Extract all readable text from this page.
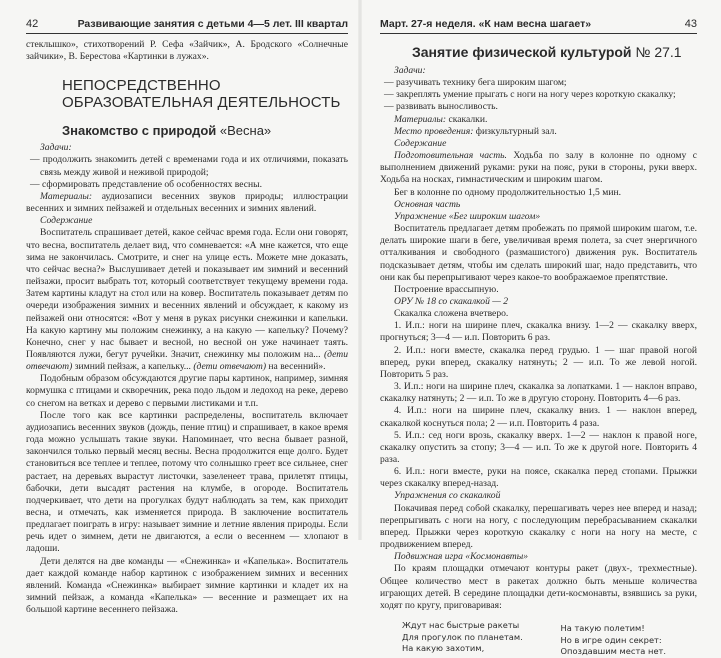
42	Развивающие занятия с детьми 4—5 лет. III квартал

стеклышко», стихотворений Р. Сефа «Зайчик», А. Бродского «Солнечные зайчики», В. Берестова «Картинки в лужах».

НЕПОСРЕДСТВЕННО ОБРАЗОВАТЕЛЬНАЯ ДЕЯТЕЛЬНОСТЬ
Знакомство с природой «Весна»

Задачи:

— продолжить знакомить детей с временами года и их отличиями, показать связь между живой и неживой природой;

— сформировать представление об особенностях весны.

Материалы: аудиозаписи весенних звуков природы; иллюстрации весенних и зимних пейзажей и отдельных весенних и зимних явлений.

Содержание

Воспитатель спрашивает детей, какое сейчас время года. Если они говорят, что весна, воспитатель делает вид, что сомневается: «А мне кажется, что еще зима не закончилась. Смотрите, и снег на улице есть. Можете мне доказать, что сейчас весна?» Выслушивает детей и показывает им зимний и весенний пейзажи, просит выбрать тот, который соответствует текущему времени года. Затем картины кладут на стол или на ковер. Воспитатель показывает детям по очереди изображения зимних и весенних явлений и обсуждает, к какому из пейзажей они относятся: «Вот у меня в руках рисунки снежинки и капельки. На какую картину мы положим снежинку, а на какую — капельку? Почему? Конечно, снег у нас бывает и весной, но весной он уже начинает таять. Появляются лужи, бегут ручейки. Значит, снежинку мы положим на... (дети отвечают) зимний пейзаж, а капельку... (дети отвечают) на весенний».

Подобным образом обсуждаются другие пары картинок, например, зимняя кормушка с птицами и скворечник, река подо льдом и ледоход на реке, дерево со снегом на ветках и дерево с первыми листиками и т.п.

После того как все картинки распределены, воспитатель включает аудиозапись весенних звуков (дождь, пение птиц) и спрашивает, в какое время года можно услышать такие звуки. Напоминает, что весна бывает разной, закончился только первый месяц весны. Весна продолжится еще долго. Будет становиться все теплее и теплее, потому что солнышко греет все сильнее, снег растает, на деревьях вырастут листочки, зазеленеет трава, прилетят птицы, бабочки, дети высадят растения на клумбе, в огороде. Воспитатель подчеркивает, что дети на прогулках будут наблюдать за тем, как приходит весна, и отмечать, как изменяется природа. В заключение воспитатель предлагает поиграть в игру: называет зимние и летние явления природы. Если речь идет о зимнем, дети не двигаются, а если о весеннем — хлопают в ладоши.

Дети делятся на две команды — «Снежинка» и «Капелька». Воспитатель дает каждой команде набор картинок с изображением зимних и весенних явлений. Команда «Снежинка» выбирает зимние картинки и кладет их на зимний пейзаж, а команда «Капелька» — весенние и размещает их на большой картине весеннего пейзажа.

Март. 27-я неделя. «К нам весна шагает»	43
Занятие физической культурой № 27.1

Задачи:

— разучивать технику бега широким шагом;

— закреплять умение прыгать с ноги на ногу через короткую скакалку;

— развивать выносливость.

Материалы: скакалки.

Место проведения: физкультурный зал.

Содержание

Подготовительная часть. Ходьба по залу в колонне по одному с выполнением движений руками: руки на пояс, руки в стороны, руки вверх. Ходьба на носках, гимнастическим и широким шагом.

Бег в колонне по одному продолжительностью 1,5 мин.

Основная часть

Упражнение «Бег широким шагом»

Воспитатель предлагает детям пробежать по прямой широким шагом, т.е. делать широкие шаги в беге, увеличивая время полета, за счет энергичного отталкивания и свободного (размашистого) движения рук. Воспитатель подсказывает детям, чтобы им сделать широкий шаг, надо представить, что они как бы перепрыгивают через какое-то воображаемое препятствие.

Построение врассыпную.

ОРУ № 18 со скакалкой — 2

Скакалка сложена вчетверо.

1. И.п.: ноги на ширине плеч, скакалка внизу. 1—2 — скакалку вверх, прогнуться; 3—4 — и.п. Повторить 6 раз.

2. И.п.: ноги вместе, скакалка перед грудью. 1 — шаг правой ногой вперед, руки вперед, скакалку натянуть; 2 — и.п. То же левой ногой. Повторить 5 раз.

3. И.п.: ноги на ширине плеч, скакалка за лопатками. 1 — наклон вправо, скакалку натянуть; 2 — и.п. То же в другую сторону. Повторить 4—6 раз.

4. И.п.: ноги на ширине плеч, скакалку вниз. 1 — наклон вперед, скакалкой коснуться пола; 2 — и.п. Повторить 4 раза.

5. И.п.: сед ноги врозь, скакалку вверх. 1—2 — наклон к правой ноге, скакалку опустить за стопу; 3—4 — и.п. То же к другой ноге. Повторить 4 раза.

6. И.п.: ноги вместе, руки на поясе, скакалка перед стопами. Прыжки через скакалку вперед-назад.

Упражнения со скакалкой

Покачивая перед собой скакалку, перешагивать через нее вперед и назад; перепрыгивать с ноги на ногу, с последующим перебрасыванием скакалки вперед. Прыжки через короткую скакалку с ноги на ногу на месте, с продвижением вперед.

Подвижная игра «Космонавты»

По краям площадки отмечают контуры ракет (двух-, трехместные). Общее количество мест в ракетах должно быть меньше количества играющих детей. В середине площадки дети-космонавты, взявшись за руки, ходят по кругу, приговаривая:

Ждут нас быстрые ракеты
Для прогулок по планетам.
На какую захотим,
На такую полетим!
Но в игре один секрет:
Опоздавшим места нет.
